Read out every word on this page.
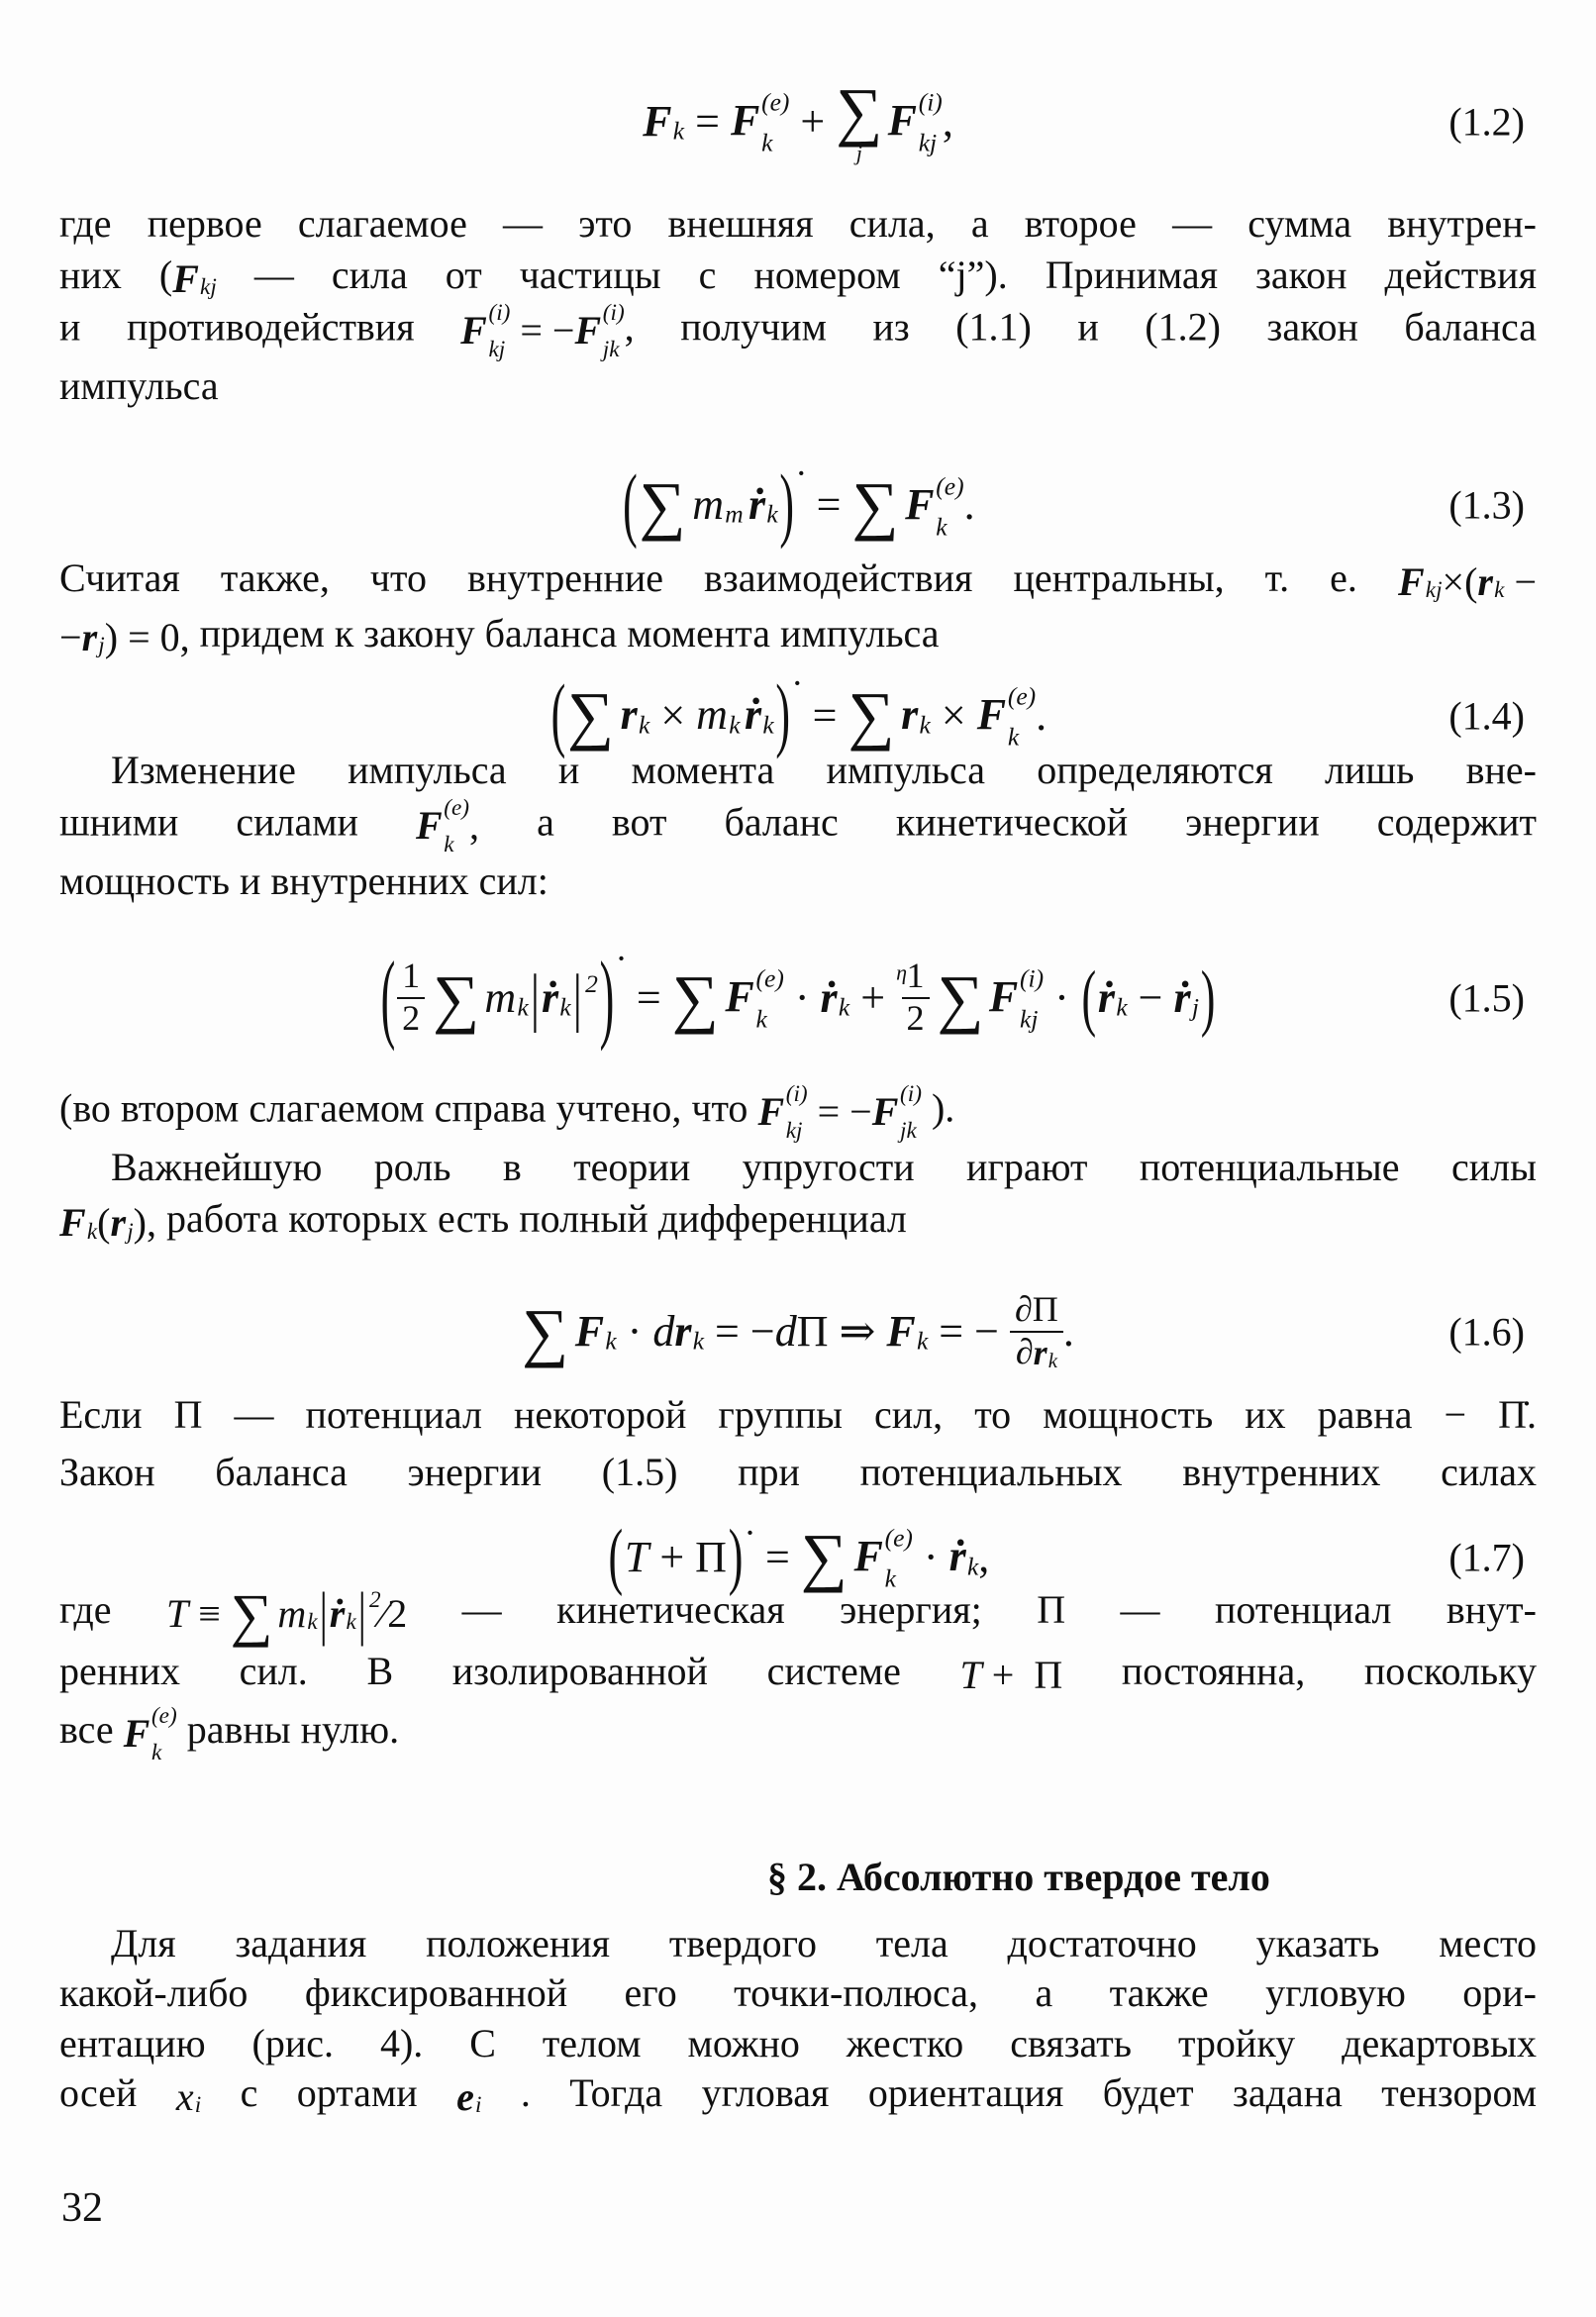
F k = F (e)
k + ∑
j
F (i)
kj ,	(1.2)
где первое слагаемое — это внешняя сила, а второе — сумма внутрен-
них ( F kj — сила от частицы с номером “j”). Принимая закон действия
и противодействия F (i)
kj = − F (i)
jk
, получим из (1.1) и (1.2) закон баланса
импульса
( ∑ m m ṙ k ) ·
= ∑ F (e)
k .	(1.3)
Считая также, что внутренние взаимодействия центральны, т. е. F kj ×( r k −
− r j ) = 0, придем к закону баланса момента импульса
( ∑ r k × m k ṙ k ) ·
= ∑ r k × F (e)
k .	(1.4)
Изменение импульса и момента импульса определяются лишь вне-
шними силами F (e)
k , а вот баланс кинетической энергии содержит
мощность и внутренних сил:
( 1
2 ∑ m k | ṙ k | 2 ) ·
= ∑ F (e)
k · ṙ k +
η 1
2 ∑ F (i)
kj · ( ṙ k − ṙ j )	(1.5)
(во втором слагаемом справа учтено, что F (i)
kj = − F (i)
jk
).
Важнейшую роль в теории упругости играют потенциальные силы
F k ( r j ), работа которых есть полный дифференциал
∑ F k · d r k = − d П ⇒ F k = − ∂П
∂ r k
.	(1.6)
Если П — потенциал некоторой группы сил, то мощность их равна − П̇.
Закон баланса энергии (1.5) при потенциальных внутренних силах
( T + П ) ·
= ∑ F (e)
k · ṙ k ,	(1.7)
где T ≡ ∑ m k | ṙ k | 2 ∕2 — кинетическая энергия; П — потенциал внут-
ренних сил. В изолированной системе T +  П постоянна, поскольку
все F (e)
k
равны нулю.
§ 2. Абсолютно твердое тело
Для задания положения твердого тела достаточно указать место
какой-либо фиксированной его точки-полюса, а также угловую ори-
ентацию (рис. 4). С телом можно жестко связать тройку декартовых
осей x i с ортами e i . Тогда угловая ориентация будет задана тензором
32
